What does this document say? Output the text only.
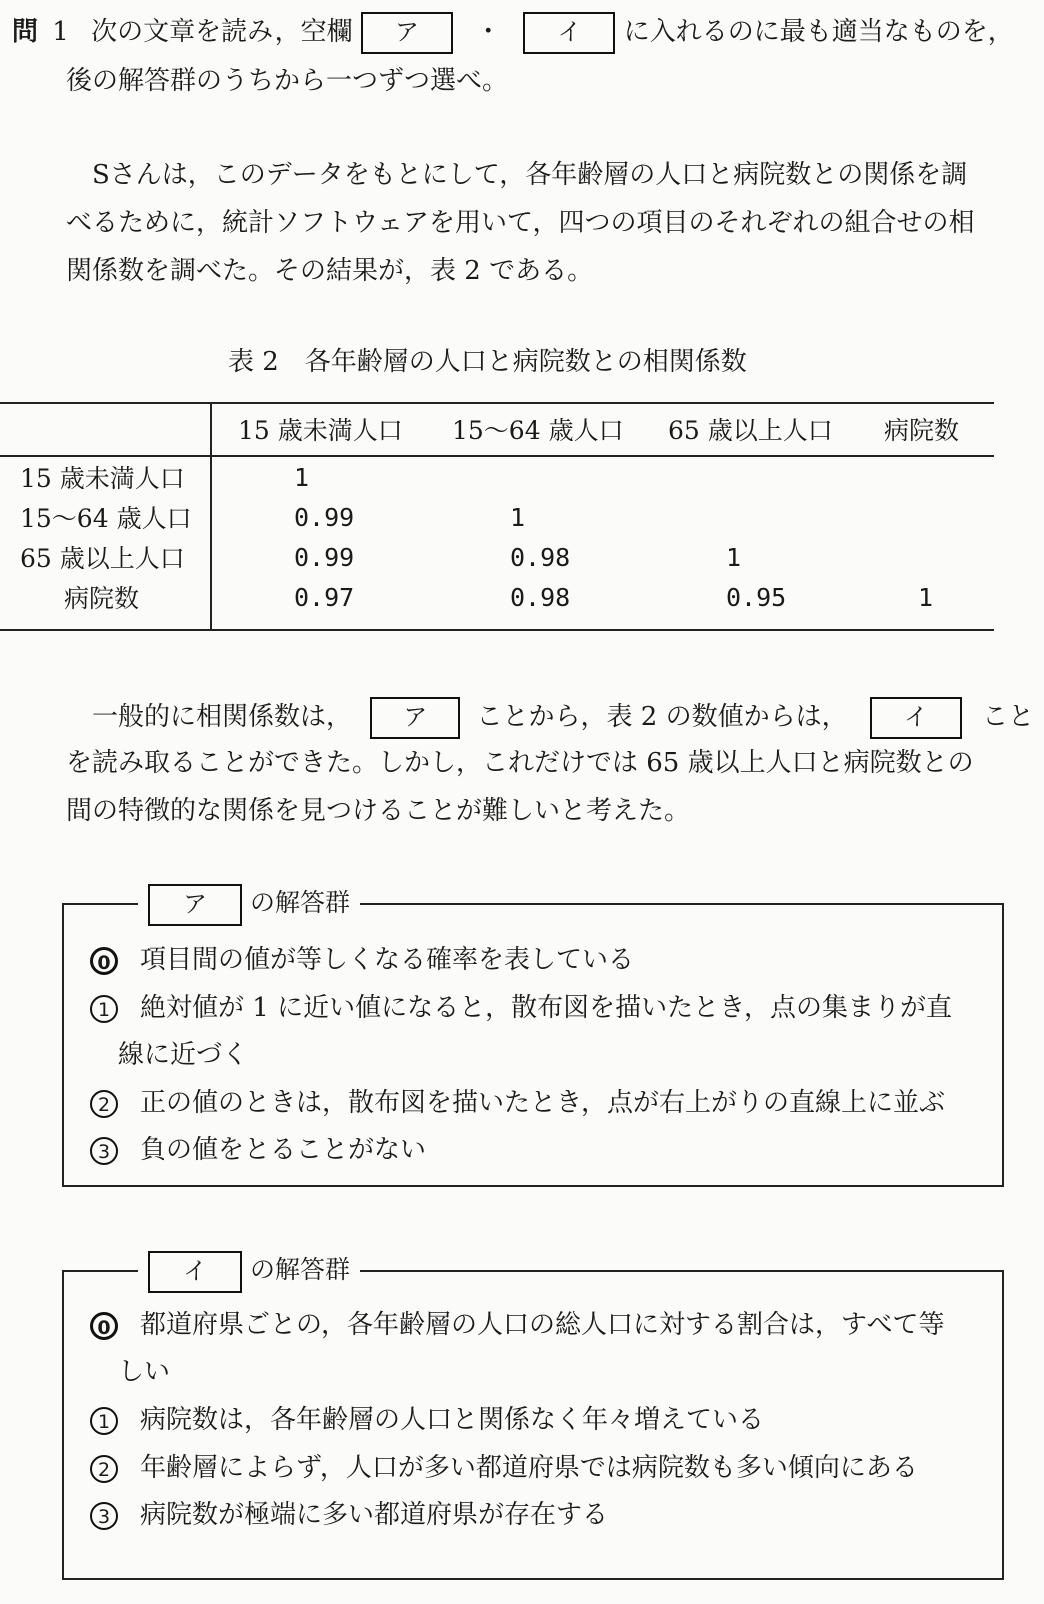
問 1 次の文章を読み，空欄 ア ・ イ に入れるのに最も適当なものを，
後の解答群のうちから一つずつ選べ。
Sさんは，このデータをもとにして，各年齢層の人口と病院数との関係を調
べるために，統計ソフトウェアを用いて，四つの項目のそれぞれの組合せの相
関係数を調べた。その結果が，表 2 である。
表 2　各年齢層の人口と病院数との相関係数
	15 歳未満人口	15～64 歳人口	65 歳以上人口	病院数
15 歳未満人口	1			
15～64 歳人口	0.99	1		
65 歳以上人口	0.99	0.98	1	
病院数	0.97	0.98	0.95	1
一般的に相関係数は， ア ことから，表 2 の数値からは， イ こと
を読み取ることができた。しかし，これだけでは 65 歳以上人口と病院数との
間の特徴的な関係を見つけることが難しいと考えた。
ア の解答群
0 項目間の値が等しくなる確率を表している
1 絶対値が 1 に近い値になると，散布図を描いたとき，点の集まりが直
線に近づく
2 正の値のときは，散布図を描いたとき，点が右上がりの直線上に並ぶ
3 負の値をとることがない
イ の解答群
0 都道府県ごとの，各年齢層の人口の総人口に対する割合は，すべて等
しい
1 病院数は，各年齢層の人口と関係なく年々増えている
2 年齢層によらず，人口が多い都道府県では病院数も多い傾向にある
3 病院数が極端に多い都道府県が存在する
